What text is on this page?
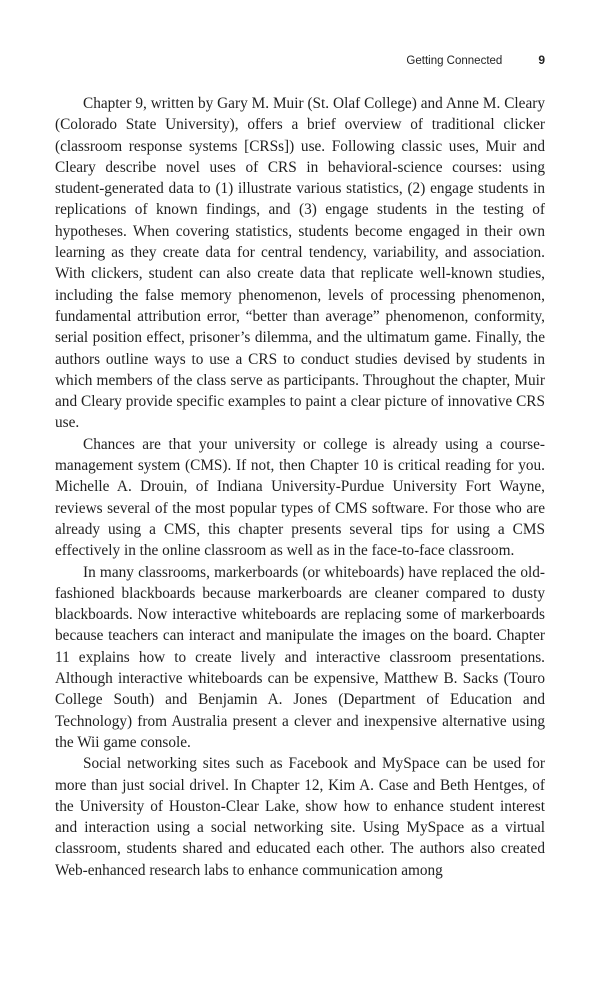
Getting Connected	9

Chapter 9, written by Gary M. Muir (St. Olaf College) and Anne M. Cleary (Colorado State University), offers a brief overview of traditional clicker (classroom response systems [CRSs]) use. Following classic uses, Muir and Cleary describe novel uses of CRS in behavioral-science courses: using student-generated data to (1) illustrate various statistics, (2) engage students in replications of known findings, and (3) engage students in the testing of hypotheses. When covering statistics, students become engaged in their own learning as they create data for central tendency, variability, and association. With clickers, student can also create data that replicate well-known studies, including the false memory phenomenon, levels of processing phenomenon, fundamental attribution error, “better than average” phenomenon, conformity, serial position effect, prisoner’s dilemma, and the ultimatum game. Finally, the authors outline ways to use a CRS to conduct studies devised by students in which members of the class serve as participants. Throughout the chapter, Muir and Cleary provide specific examples to paint a clear picture of innovative CRS use.

Chances are that your university or college is already using a course-management system (CMS). If not, then Chapter 10 is critical reading for you. Michelle A. Drouin, of Indiana University-Purdue University Fort Wayne, reviews several of the most popular types of CMS software. For those who are already using a CMS, this chapter presents several tips for using a CMS effectively in the online classroom as well as in the face-to-face classroom.

In many classrooms, markerboards (or whiteboards) have replaced the old-fashioned blackboards because markerboards are cleaner compared to dusty blackboards. Now interactive whiteboards are replacing some of markerboards because teachers can interact and manipulate the images on the board. Chapter 11 explains how to create lively and interactive classroom presentations. Although interactive whiteboards can be expensive, Matthew B. Sacks (Touro College South) and Benjamin A. Jones (Department of Education and Technology) from Australia present a clever and inexpensive alternative using the Wii game console.

Social networking sites such as Facebook and MySpace can be used for more than just social drivel. In Chapter 12, Kim A. Case and Beth Hentges, of the University of Houston-Clear Lake, show how to enhance student interest and interaction using a social networking site. Using MySpace as a virtual classroom, students shared and educated each other. The authors also created Web-enhanced research labs to enhance communication among
